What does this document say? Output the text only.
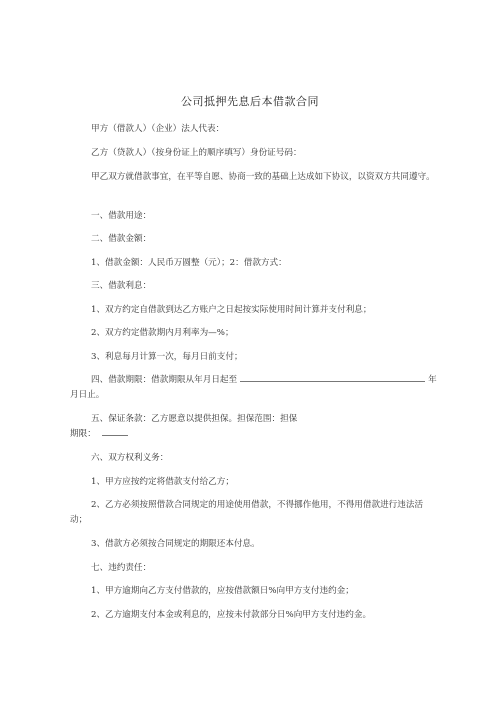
公司抵押先息后本借款合同
甲方（借款人）（企业）法人代表：
乙方（贷款人）（按身份证上的顺序填写）身份证号码：
甲乙双方就借款事宜，在平等自愿、协商一致的基础上达成如下协议，以资双方共同遵守。
一、借款用途：
二、借款金额：
1、借款金额：人民币万圆整（元）；2：借款方式：
三、借款利息：
1、双方约定自借款到达乙方账户之日起按实际使用时间计算并支付利息；
2、双方约定借款期内月利率为—%；
3、利息每月计算一次，每月日前支付；
四、借款期限：借款期限从年月日起至	年
月日止。
五、保证条款：乙方愿意以提供担保。担保范围：担保
期限：
六、双方权利义务：
1、甲方应按约定将借款支付给乙方；
2、乙方必须按照借款合同规定的用途使用借款，不得挪作他用，不得用借款进行违法活动；
3、借款方必须按合同规定的期限还本付息。
七、违约责任：
1、甲方逾期向乙方支付借款的，应按借款额日%向甲方支付违约金；
2、乙方逾期支付本金或利息的，应按未付款部分日%向甲方支付违约金。
